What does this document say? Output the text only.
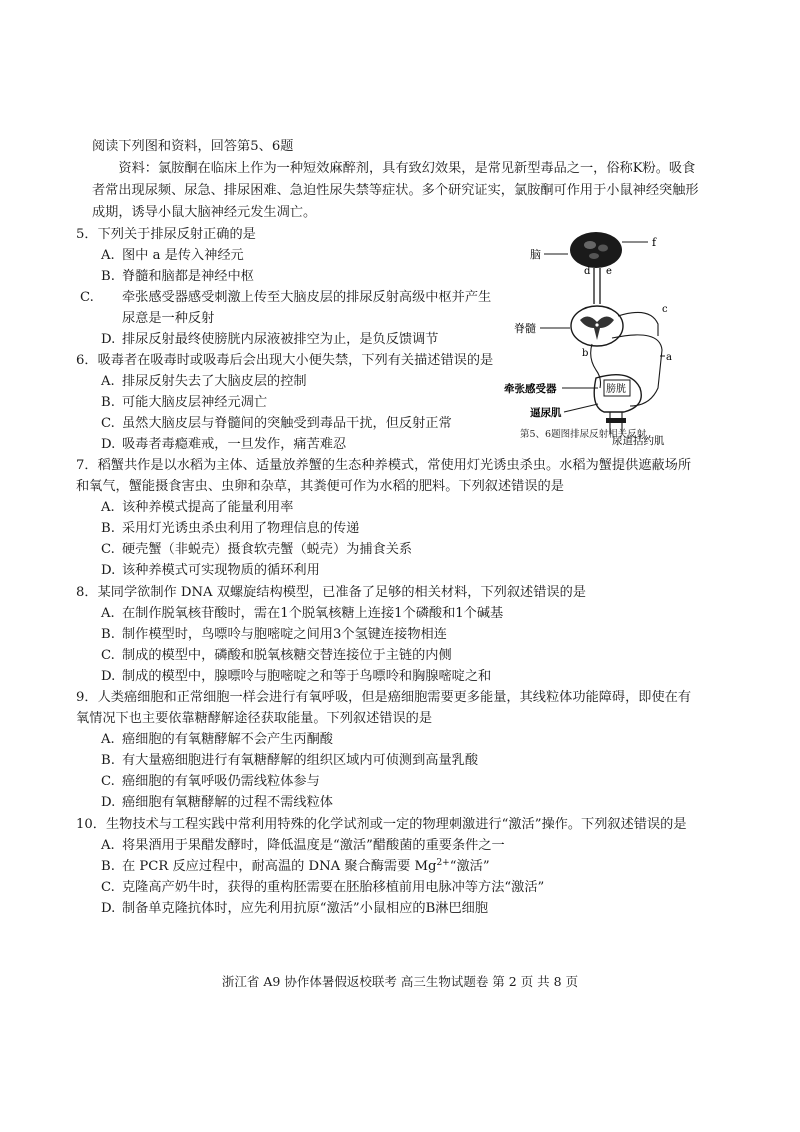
阅读下列图和资料，回答第5、6题

资料：氯胺酮在临床上作为一种短效麻醉剂，具有致幻效果，是常见新型毒品之一，俗称K粉。吸食者常出现尿频、尿急、排尿困难、急迫性尿失禁等症状。多个研究证实，氯胺酮可作用于小鼠神经突触形成期，诱导小鼠大脑神经元发生凋亡。

5．下列关于排尿反射正确的是

A. 图中 a 是传入神经元

B. 脊髓和脑都是神经中枢

C. 牵张感受器感受刺激上传至大脑皮层的排尿反射高级中枢并产生尿意是一种反射

D. 排尿反射最终使膀胱内尿液被排空为止，是负反馈调节

6．吸毒者在吸毒时或吸毒后会出现大小便失禁，下列有关描述错误的是

A. 排尿反射失去了大脑皮层的控制

B. 可能大脑皮层神经元凋亡

C. 虽然大脑皮层与脊髓间的突触受到毒品干扰，但反射正常

D. 吸毒者毒瘾难戒，一旦发作，痛苦难忍

f
脑
d e
脊髓
c
a
b
膀胱
牵张感受器
逼尿肌
尿道括约肌
第5、6题图排尿反射相关反射

7．稻蟹共作是以水稻为主体、适量放养蟹的生态种养模式，常使用灯光诱虫杀虫。水稻为蟹提供遮蔽场所和氧气，蟹能摄食害虫、虫卵和杂草，其粪便可作为水稻的肥料。下列叙述错误的是

A. 该种养模式提高了能量利用率

B. 采用灯光诱虫杀虫利用了物理信息的传递

C. 硬壳蟹（非蜕壳）摄食软壳蟹（蜕壳）为捕食关系

D. 该种养模式可实现物质的循环利用

8．某同学欲制作 DNA 双螺旋结构模型，已准备了足够的相关材料，下列叙述错误的是

A. 在制作脱氧核苷酸时，需在1个脱氧核糖上连接1个磷酸和1个碱基

B. 制作模型时，鸟嘌呤与胞嘧啶之间用3个氢键连接物相连

C. 制成的模型中，磷酸和脱氧核糖交替连接位于主链的内侧

D. 制成的模型中，腺嘌呤与胞嘧啶之和等于鸟嘌呤和胸腺嘧啶之和

9．人类癌细胞和正常细胞一样会进行有氧呼吸，但是癌细胞需要更多能量，其线粒体功能障碍，即使在有氧情况下也主要依靠糖酵解途径获取能量。下列叙述错误的是

A. 癌细胞的有氧糖酵解不会产生丙酮酸

B. 有大量癌细胞进行有氧糖酵解的组织区域内可侦测到高量乳酸

C. 癌细胞的有氧呼吸仍需线粒体参与

D. 癌细胞有氧糖酵解的过程不需线粒体

10．生物技术与工程实践中常利用特殊的化学试剂或一定的物理刺激进行“激活”操作。下列叙述错误的是

A. 将果酒用于果醋发酵时，降低温度是“激活”醋酸菌的重要条件之一

B. 在 PCR 反应过程中，耐高温的 DNA 聚合酶需要 $Mg^{2+}“$激活”

C. 克隆高产奶牛时，获得的重构胚需要在胚胎移植前用电脉冲等方法“激活”

D. 制备单克隆抗体时，应先利用抗原“激活”小鼠相应的B淋巴细胞

浙江省 A9 协作体暑假返校联考 高三生物试题卷 第 2 页 共 8 页
